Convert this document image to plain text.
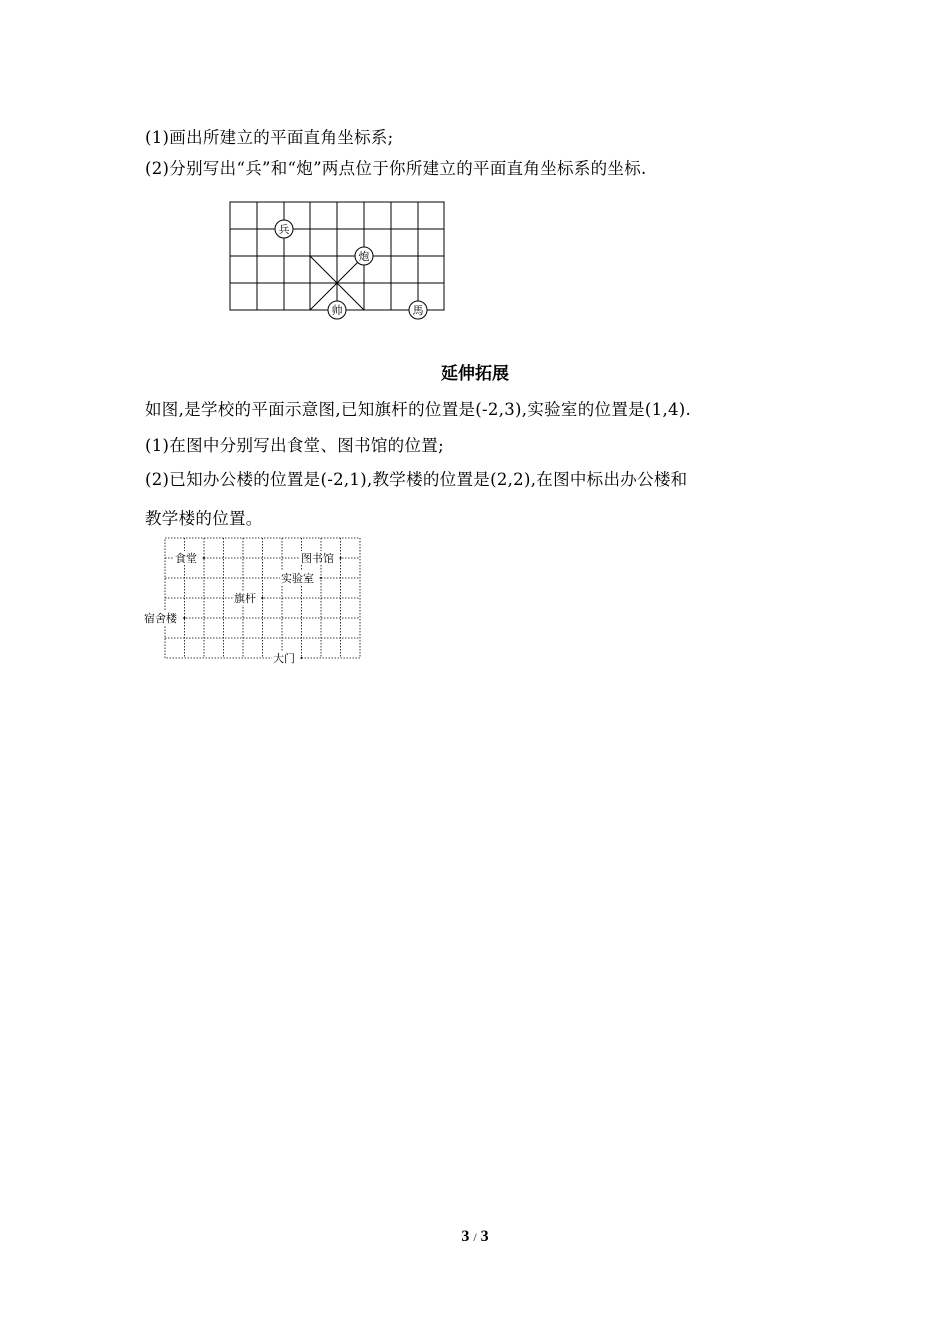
(1)画出所建立的平面直角坐标系;
(2)分别写出“兵”和“炮”两点位于你所建立的平面直角坐标系的坐标.
兵
炮
帅	馬
食堂	图书馆
实验室
旗杆
宿舍楼
大门
延伸拓展
如图,是学校的平面示意图,已知旗杆的位置是(-2,3),实验室的位置是(1,4).
(1)在图中分别写出食堂、图书馆的位置;
(2)已知办公楼的位置是(-2,1),教学楼的位置是(2,2),在图中标出办公楼和
教学楼的位置。
3 / 3
